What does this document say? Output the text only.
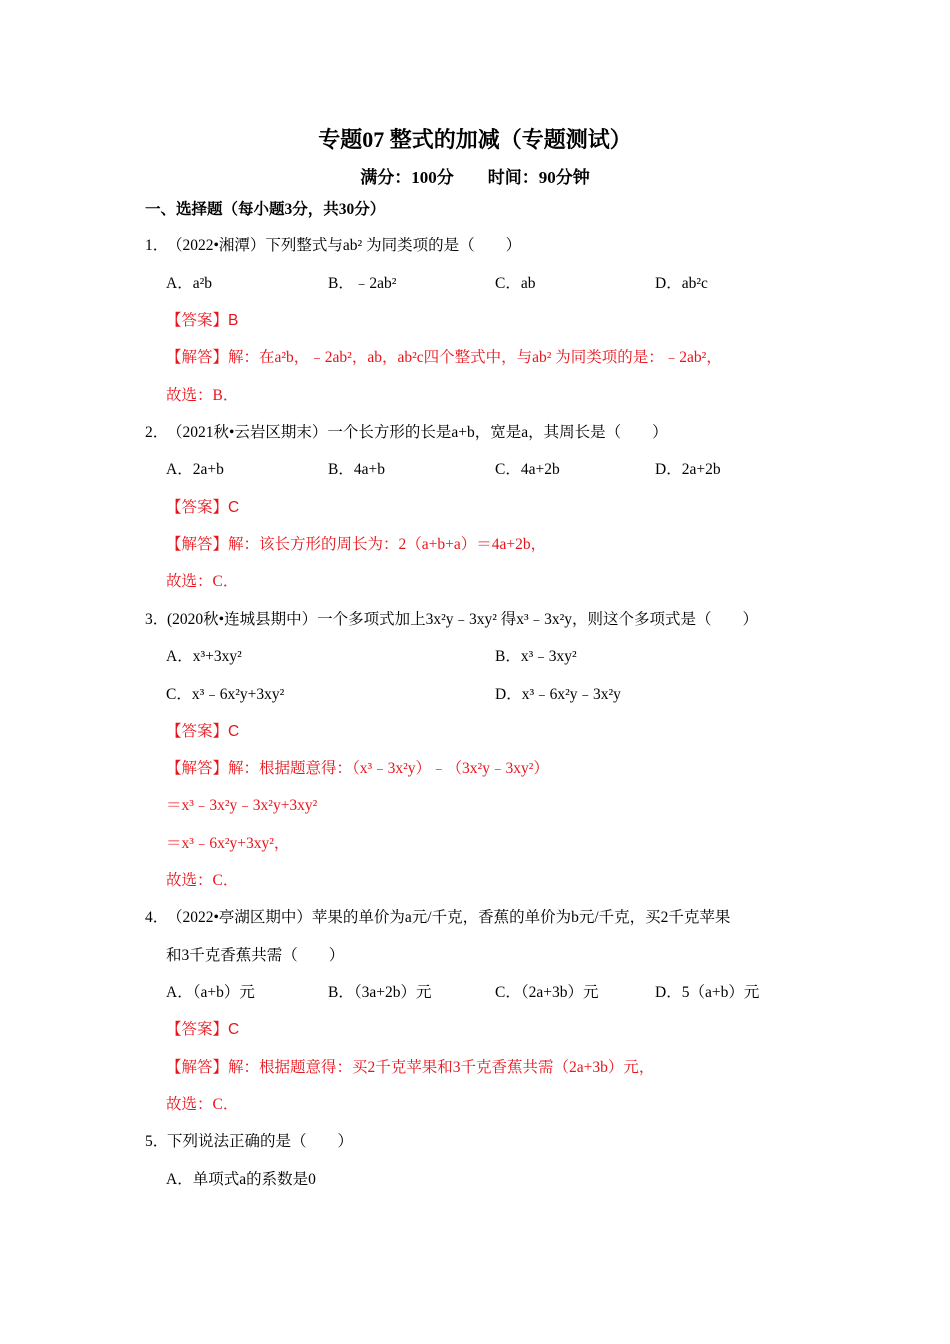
专题07 整式的加减（专题测试）
满分：100分 时间：90分钟
一、选择题（每小题3分，共30分）
1．（2022•湘潭）下列整式与ab² 为同类项的是（　　）
A．a²b	B．﹣2ab²	C．ab	D．ab²c
【答案】B
【解答】解：在a²b，﹣2ab²，ab，ab²c四个整式中，与ab² 为同类项的是：﹣2ab²，
故选：B．
2．（2021秋•云岩区期末）一个长方形的长是a+b，宽是a，其周长是（　　）
A．2a+b	B．4a+b	C．4a+2b	D．2a+2b
【答案】C
【解答】解：该长方形的周长为：2（a+b+a）＝4a+2b，
故选：C．
3．(2020秋•连城县期中）一个多项式加上3x²y﹣3xy² 得x³﹣3x²y，则这个多项式是（　　）
A．x³+3xy²	B．x³﹣3xy²
C．x³﹣6x²y+3xy²	D．x³﹣6x²y﹣3x²y
【答案】C
【解答】解：根据题意得：（x³﹣3x²y）﹣（3x²y﹣3xy²）
＝x³﹣3x²y﹣3x²y+3xy²
＝x³﹣6x²y+3xy²，
故选：C．
4．（2022•亭湖区期中）苹果的单价为a元/千克，香蕉的单价为b元/千克，买2千克苹果
和3千克香蕉共需（　　）
A．（a+b）元	B．（3a+2b）元	C．（2a+3b）元	D．5（a+b）元
【答案】C
【解答】解：根据题意得：买2千克苹果和3千克香蕉共需（2a+3b）元，
故选：C．
5．下列说法正确的是（　　）
A．单项式a的系数是0
